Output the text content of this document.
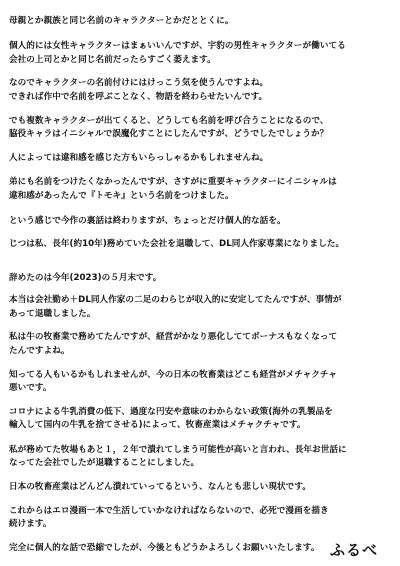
母親とか親族と同じ名前のキャラクターとかだととくに。
個人的には女性キャラクターはまぁいいんですが、宇豹の男性キャラクターが働いてる
会社の上司とかと同じ名前だったらすごく萎えます。
なのでキャラクターの名前付けにはけっこう気を使うんですよね。
できれば作中で名前を呼ぶことなく、物語を終わらせたいんです。
でも複数キャラクターが出てくると、どうしても名前を呼び合うことになるので、
脇役キャラはイニシャルで誤魔化すことにしたんですが、どうでしたでしょうか？
人によっては違和感を感じた方もいらっしゃるかもしれませんね。
弟にも名前をつけたくなかったんですが、さすがに重要キャラクターにイニシャルは
違和感があったんで『トモキ』という名前をつけました。
という感じで今作の裏話は終わりますが、ちょっとだけ個人的な話を。
じつは私、長年(約10年)務めていた会社を退職して、DL同人作家専業になりました。
辞めたのは今年(2023)の５月末です。
本当は会社勤め＋DL同人作家の二足のわらじが収入的に安定してたんですが、事情が
あって退職しました。
私は牛の牧畜業で務めてたんですが、経営がかなり悪化しててボーナスもなくなって
たんですよね。
知ってる人もいるかもしれませんが、今の日本の牧畜業はどこも経営がメチャクチャ
悪いです。
コロナによる牛乳消費の低下、過度な円安や意味のわからない政策(海外の乳製品を
輸入して国内の牛乳を捨てさせる)によって、牧畜産業はメチャクチャです。
私が務めてた牧場もあと１，２年で潰れてしまう可能性が高いと言われ、長年お世話に
なってた会社でしたが退職することにしました。
日本の牧畜産業はどんどん潰れていってるという、なんとも悲しい現状です。
これからはエロ漫画一本で生活していかなければならないので、必死で漫画を描き
続けます。
完全に個人的な話で恐縮でしたが、今後ともどうかよろしくお願いいたします。 ふるべ
